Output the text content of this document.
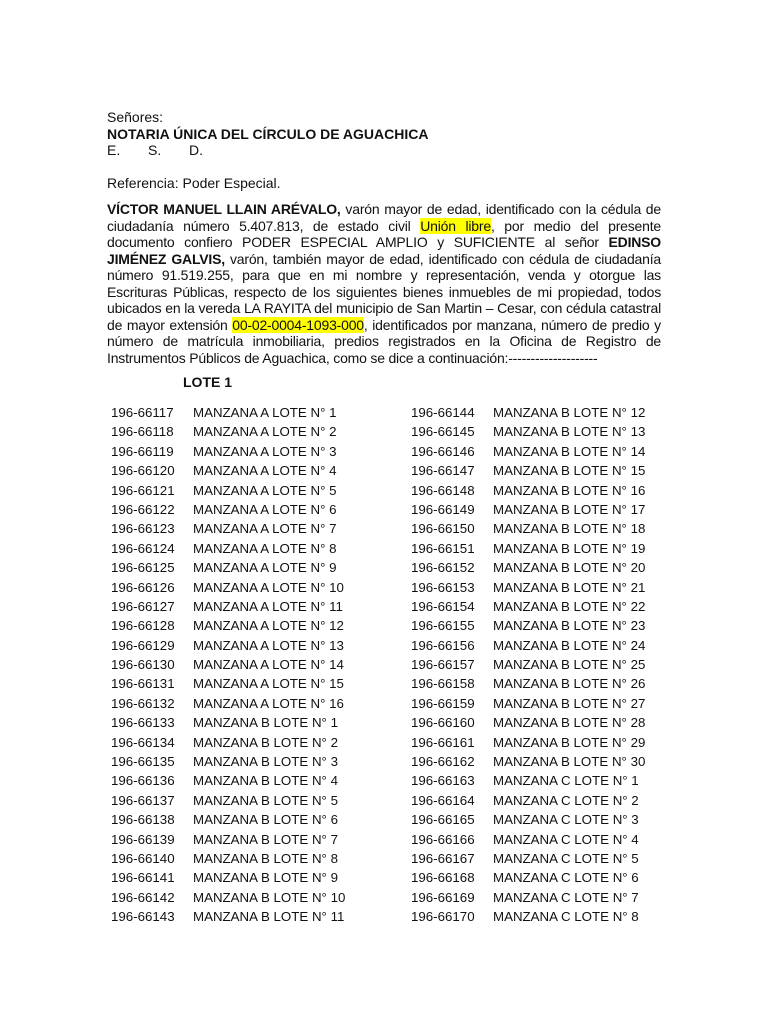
Señores:
NOTARIA ÚNICA DEL CÍRCULO DE AGUACHICA
E. S. D.
Referencia: Poder Especial.
VÍCTOR MANUEL LLAIN ARÉVALO, varón mayor de edad, identificado con la cédula de ciudadanía número 5.407.813, de estado civil Unión libre, por medio del presente documento confiero PODER ESPECIAL AMPLIO y SUFICIENTE al señor EDINSO JIMÉNEZ GALVIS, varón, también mayor de edad, identificado con cédula de ciudadanía número 91.519.255, para que en mi nombre y representación, venda y otorgue las Escrituras Públicas, respecto de los siguientes bienes inmuebles de mi propiedad, todos ubicados en la vereda LA RAYITA del municipio de San Martin – Cesar, con cédula catastral de mayor extensión 00-02-0004-1093-000, identificados por manzana, número de predio y número de matrícula inmobiliaria, predios registrados en la Oficina de Registro de Instrumentos Públicos de Aguachica, como se dice a continuación:--------------------
LOTE 1
196-66117 MANZANA A LOTE N° 1
196-66118 MANZANA A LOTE N° 2
196-66119 MANZANA A LOTE N° 3
196-66120 MANZANA A LOTE N° 4
196-66121 MANZANA A LOTE N° 5
196-66122 MANZANA A LOTE N° 6
196-66123 MANZANA A LOTE N° 7
196-66124 MANZANA A LOTE N° 8
196-66125 MANZANA A LOTE N° 9
196-66126 MANZANA A LOTE N° 10
196-66127 MANZANA A LOTE N° 11
196-66128 MANZANA A LOTE N° 12
196-66129 MANZANA A LOTE N° 13
196-66130 MANZANA A LOTE N° 14
196-66131 MANZANA A LOTE N° 15
196-66132 MANZANA A LOTE N° 16
196-66133 MANZANA B LOTE N° 1
196-66134 MANZANA B LOTE N° 2
196-66135 MANZANA B LOTE N° 3
196-66136 MANZANA B LOTE N° 4
196-66137 MANZANA B LOTE N° 5
196-66138 MANZANA B LOTE N° 6
196-66139 MANZANA B LOTE N° 7
196-66140 MANZANA B LOTE N° 8
196-66141 MANZANA B LOTE N° 9
196-66142 MANZANA B LOTE N° 10
196-66143 MANZANA B LOTE N° 11
196-66144 MANZANA B LOTE N° 12
196-66145 MANZANA B LOTE N° 13
196-66146 MANZANA B LOTE N° 14
196-66147 MANZANA B LOTE N° 15
196-66148 MANZANA B LOTE N° 16
196-66149 MANZANA B LOTE N° 17
196-66150 MANZANA B LOTE N° 18
196-66151 MANZANA B LOTE N° 19
196-66152 MANZANA B LOTE N° 20
196-66153 MANZANA B LOTE N° 21
196-66154 MANZANA B LOTE N° 22
196-66155 MANZANA B LOTE N° 23
196-66156 MANZANA B LOTE N° 24
196-66157 MANZANA B LOTE N° 25
196-66158 MANZANA B LOTE N° 26
196-66159 MANZANA B LOTE N° 27
196-66160 MANZANA B LOTE N° 28
196-66161 MANZANA B LOTE N° 29
196-66162 MANZANA B LOTE N° 30
196-66163 MANZANA C LOTE N° 1
196-66164 MANZANA C LOTE N° 2
196-66165 MANZANA C LOTE N° 3
196-66166 MANZANA C LOTE N° 4
196-66167 MANZANA C LOTE N° 5
196-66168 MANZANA C LOTE N° 6
196-66169 MANZANA C LOTE N° 7
196-66170 MANZANA C LOTE N° 8
